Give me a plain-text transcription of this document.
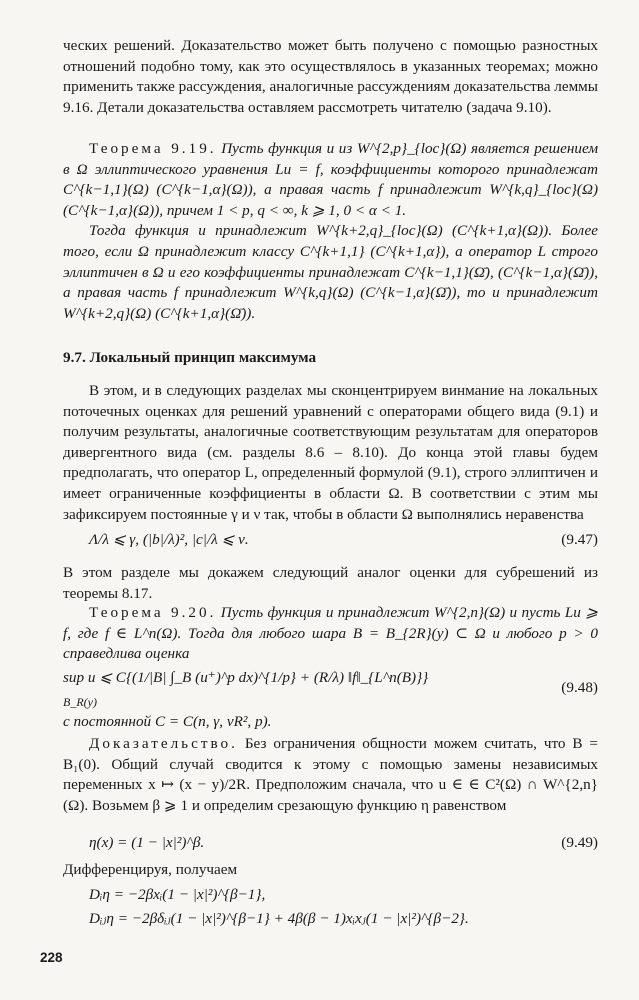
ческих решений. Доказательство может быть получено с помощью разностных отношений подобно тому, как это осуществлялось в указанных теоремах; можно применить также рассуждения, аналогичные рассуждениям доказательства леммы 9.16. Детали доказательства оставляем рассмотреть читателю (задача 9.10).

Теорема 9.19. Пусть функция u из W^{2,p}_{loc}(Ω) является решением в Ω эллиптического уравнения Lu = f, коэффициенты которого принадлежат C^{k−1,1}(Ω) (C^{k−1,α}(Ω)), а правая часть f принадлежит W^{k,q}_{loc}(Ω) (C^{k−1,α}(Ω)), причем 1 < p, q < ∞, k ⩾ 1, 0 < α < 1.

Тогда функция u принадлежит W^{k+2,q}_{loc}(Ω) (C^{k+1,α}(Ω)). Более того, если Ω принадлежит классу C^{k+1,1} (C^{k+1,α}), а оператор L строго эллиптичен в Ω и его коэффициенты принадлежат C^{k−1,1}(Ω̄), (C^{k−1,α}(Ω̄)), а правая часть f принадлежит W^{k,q}(Ω) (C^{k−1,α}(Ω̄)), то u принадлежит W^{k+2,q}(Ω) (C^{k+1,α}(Ω̄)).

9.7. Локальный принцип максимума

В этом, и в следующих разделах мы сконцентрируем винмание на локальных поточечных оценках для решений уравнений с операторами общего вида (9.1) и получим результаты, аналогичные соответствующим результатам для операторов дивергентного вида (см. разделы 8.6 – 8.10). До конца этой главы будем предполагать, что оператор L, определенный формулой (9.1), строго эллиптичен и имеет ограниченные коэффициенты в области Ω. В соответствии с этим мы зафиксируем постоянные γ и ν так, чтобы в области Ω выполнялись неравенства

Λ/λ ⩽ γ, (|b|/λ)², |c|/λ ⩽ ν.	(9.47)

В этом разделе мы докажем следующий аналог оценки для субрешений из теоремы 8.17.

Теорема 9.20. Пусть функция u принадлежит W^{2,n}(Ω) и пусть Lu ⩾ f, где f ∈ L^n(Ω). Тогда для любого шара B = B_{2R}(y) ⊂ Ω и любого p > 0 справедлива оценка

sup u ⩽ C{(1/|B| ∫_B (u⁺)^p dx)^{1/p} + (R/λ) ‖f‖_{L^n(B)}}
B_R(y)
(9.48)

с постоянной C = C(n, γ, νR², p).

Доказательство. Без ограничения общности можем считать, что B = B₁(0). Общий случай сводится к этому с помощью замены независимых переменных x ↦ (x − y)/2R. Предположим сначала, что u ∈ ∈ C²(Ω) ∩ W^{2,n}(Ω). Возьмем β ⩾ 1 и определим срезающую функцию η равенством

η(x) = (1 − |x|²)^β.	(9.49)

Дифференцируя, получаем

Dᵢη = −2βxᵢ(1 − |x|²)^{β−1},
Dᵢⱼη = −2βδᵢⱼ(1 − |x|²)^{β−1} + 4β(β − 1)xᵢxⱼ(1 − |x|²)^{β−2}.
228
